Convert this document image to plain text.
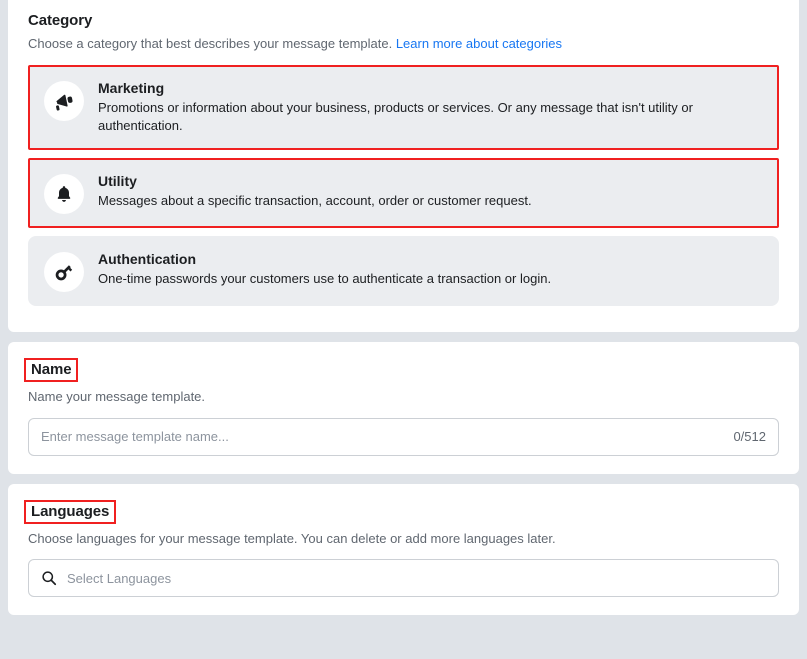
Category
Choose a category that best describes your message template. Learn more about categories
Marketing
Promotions or information about your business, products or services. Or any message that isn't utility or authentication.
Utility
Messages about a specific transaction, account, order or customer request.
Authentication
One-time passwords your customers use to authenticate a transaction or login.
Name
Name your message template.
Enter message template name...
0/512
Languages
Choose languages for your message template. You can delete or add more languages later.
Select Languages
